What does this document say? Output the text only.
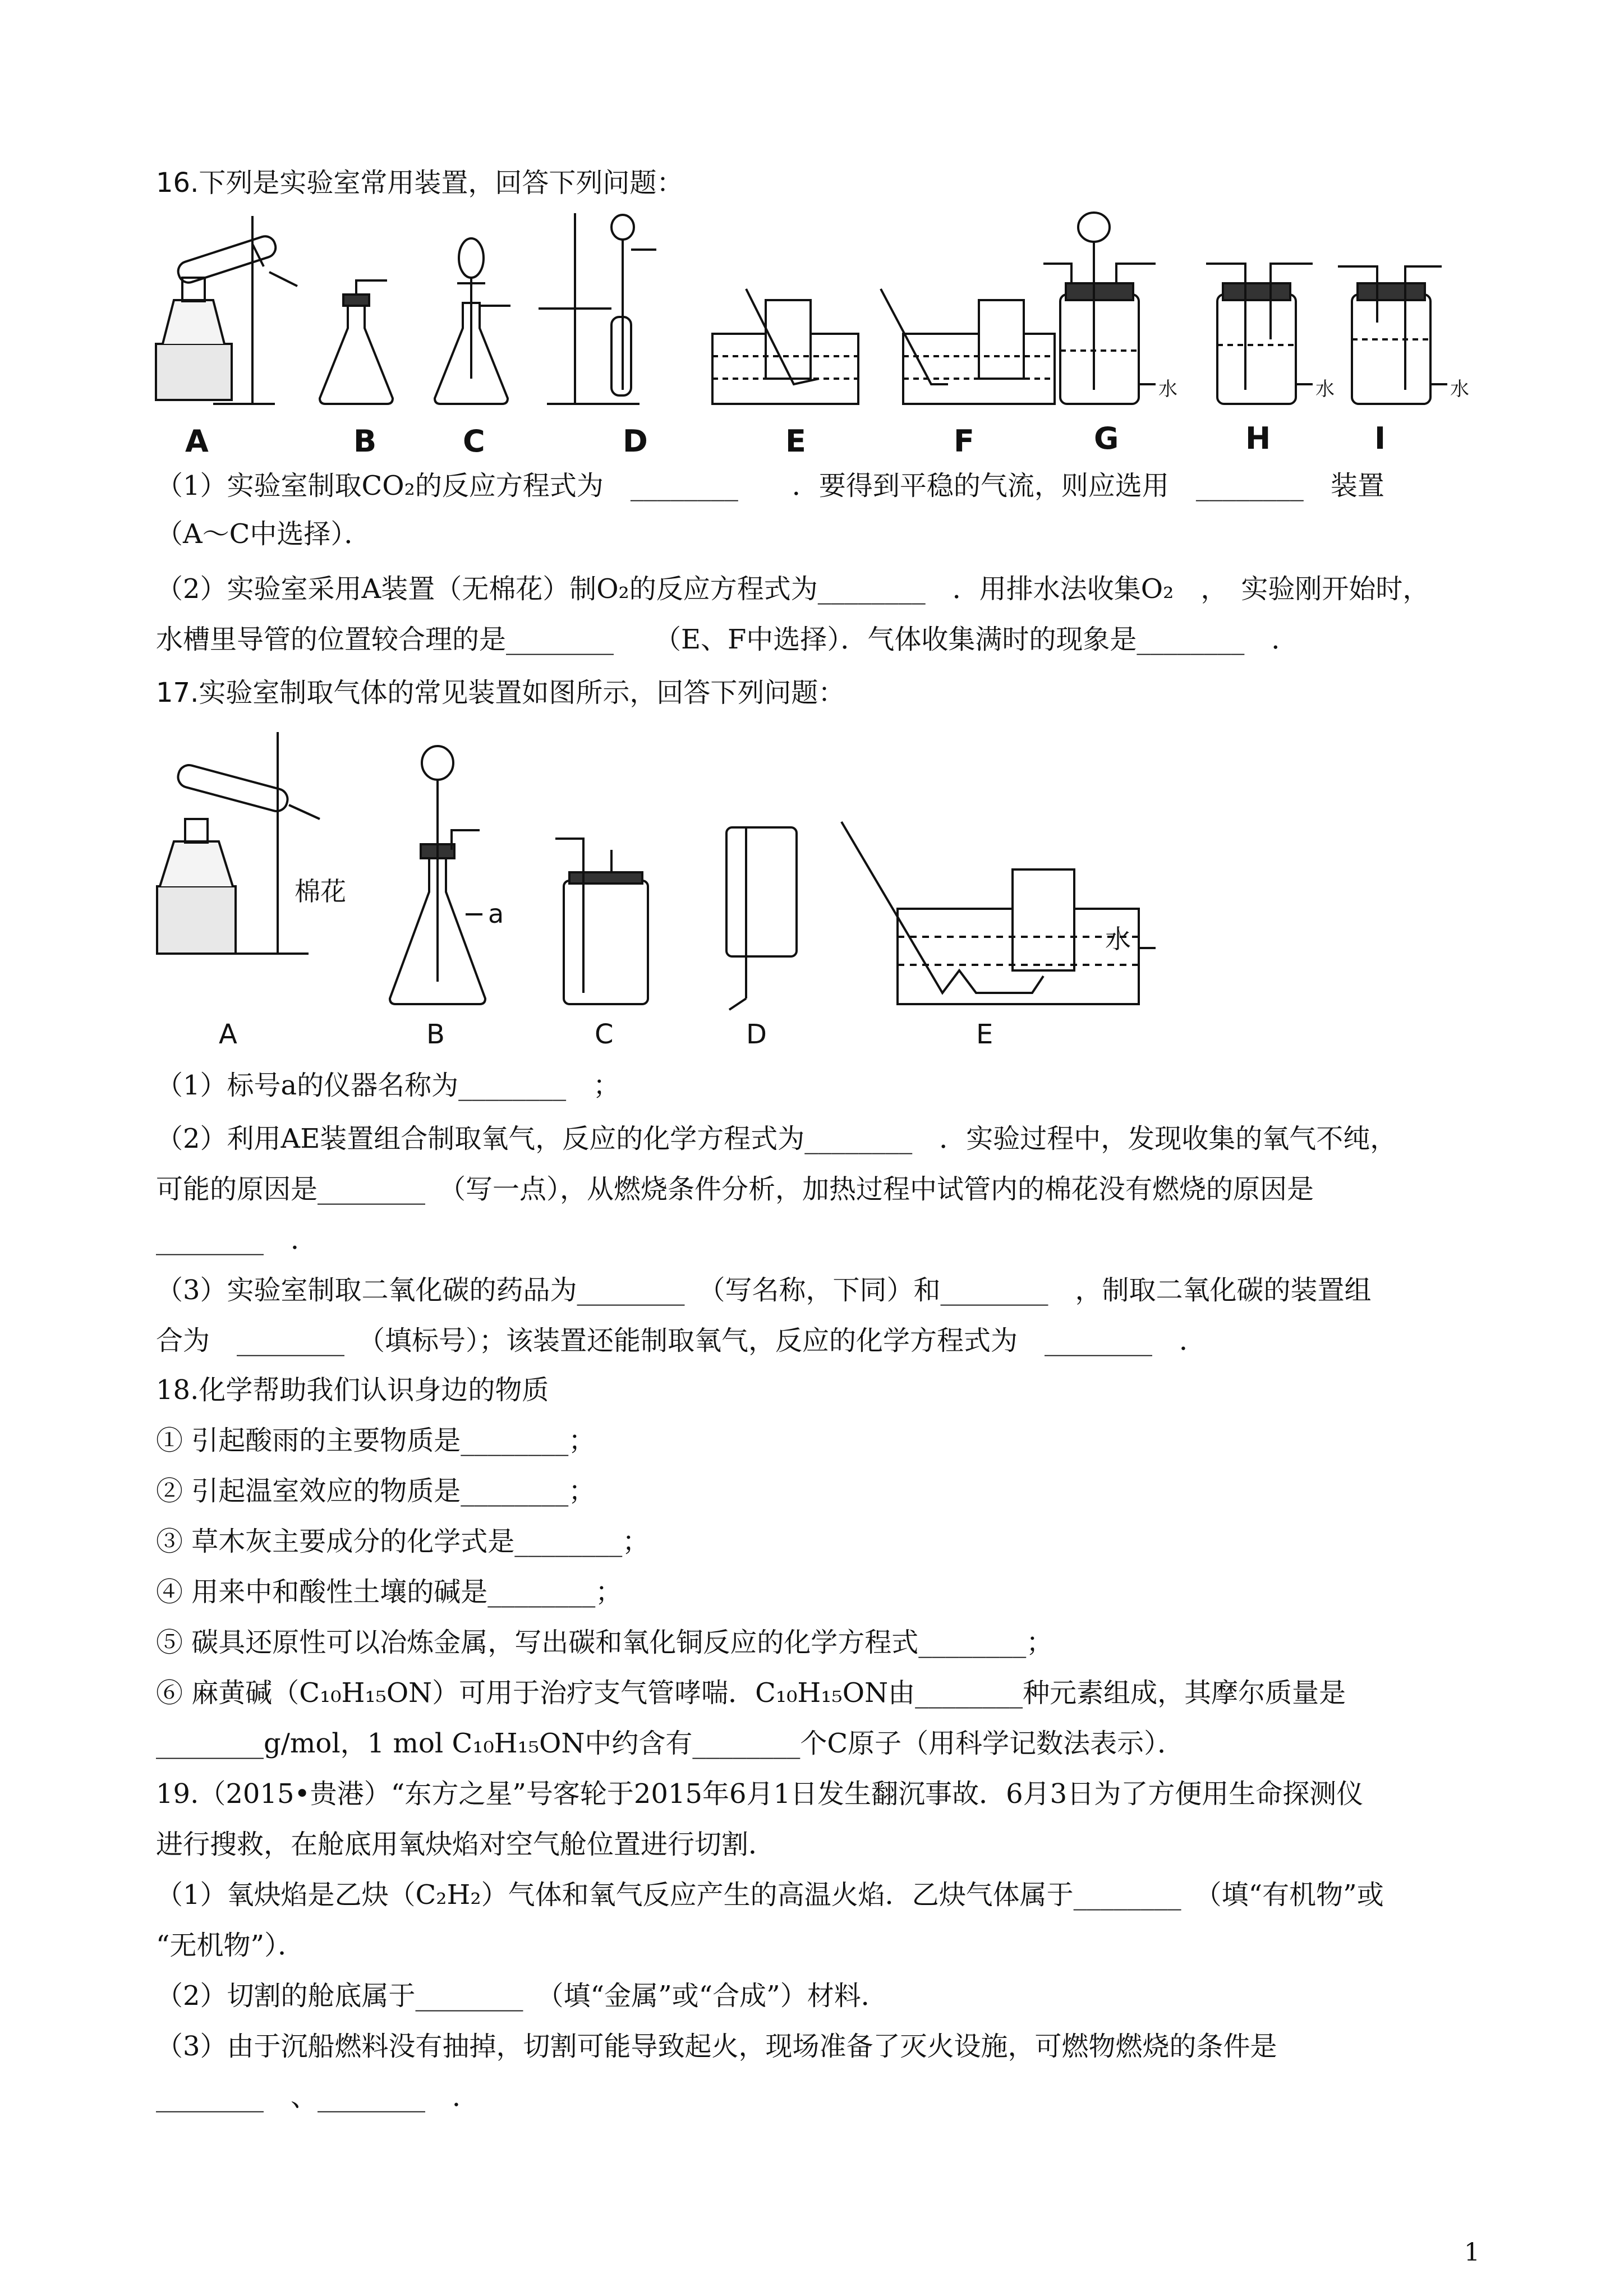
16.下列是实验室常用装置，回答下列问题：
水	水	水
A	B	C	D	E	F	G	H	I
（1）实验室制取CO₂的反应方程式为　________　　．要得到平稳的气流，则应选用　________　装置
（A～C中选择）．
（2）实验室采用A装置（无棉花）制O₂的反应方程式为________　．用排水法收集O₂　，　实验刚开始时，
水槽里导管的位置较合理的是________　　（E、F中选择）．气体收集满时的现象是________　．
17.实验室制取气体的常见装置如图所示，回答下列问题：
棉花
a
水
A	B	C	D	E
（1）标号a的仪器名称为________　；
（2）利用AE装置组合制取氧气，反应的化学方程式为________　．实验过程中，发现收集的氧气不纯，
可能的原因是________　（写一点），从燃烧条件分析，加热过程中试管内的棉花没有燃烧的原因是
________　．
（3）实验室制取二氧化碳的药品为________　（写名称，下同）和________　，制取二氧化碳的装置组
合为　________　（填标号）；该装置还能制取氧气，反应的化学方程式为　________　．
18.化学帮助我们认识身边的物质
① 引起酸雨的主要物质是________；
② 引起温室效应的物质是________；
③ 草木灰主要成分的化学式是________；
④ 用来中和酸性土壤的碱是________；
⑤ 碳具还原性可以冶炼金属，写出碳和氧化铜反应的化学方程式________；
⑥ 麻黄碱（C₁₀H₁₅ON）可用于治疗支气管哮喘．C₁₀H₁₅ON由________种元素组成，其摩尔质量是
________g/mol，1 mol C₁₀H₁₅ON中约含有________个C原子（用科学记数法表示）．
19.（2015•贵港）“东方之星”号客轮于2015年6月1日发生翻沉事故．6月3日为了方便用生命探测仪
进行搜救，在舱底用氧炔焰对空气舱位置进行切割．
（1）氧炔焰是乙炔（C₂H₂）气体和氧气反应产生的高温火焰．乙炔气体属于________　（填“有机物”或
“无机物”）．
（2）切割的舱底属于________　（填“金属”或“合成”）材料．
（3）由于沉船燃料没有抽掉，切割可能导致起火，现场准备了灭火设施，可燃物燃烧的条件是
________　、________　．
1
